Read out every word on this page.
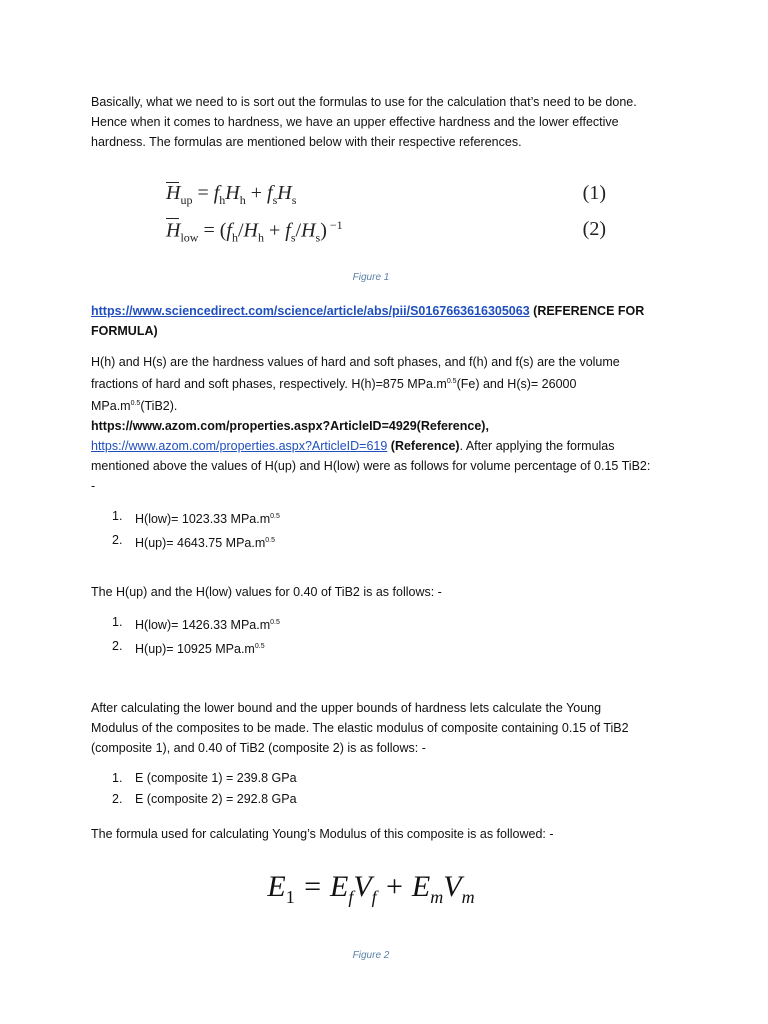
Basically, what we need to is sort out the formulas to use for the calculation that’s need to be done. Hence when it comes to hardness, we have an upper effective hardness and the lower effective hardness. The formulas are mentioned below with their respective references.

$H_{up} = f_hH_h + f_sH_s$	(1)
$H_{low} = (f_h/H_h + f_s/H_s)$ $^{-1}$	(2)
Figure 1

https://www.sciencedirect.com/science/article/abs/pii/S0167663616305063 (REFERENCE FOR FORMULA)

H(h) and H(s) are the hardness values of hard and soft phases, and f(h) and f(s) are the volume fractions of hard and soft phases, respectively. H(h)=875 $MPa.m^{0.5}(Fe)$ and H(s)= 26000 $MPa.m^{0.5}(TiB2)$.
https://www.azom.com/properties.aspx?ArticleID=4929(Reference),
https://www.azom.com/properties.aspx?ArticleID=619 (Reference). After applying the formulas mentioned above the values of H(up) and H(low) were as follows for volume percentage of 0.15 TiB2: -

1. H(low)= 1023.33 $MPa.m^{0.5}$
2. H(up)= 4643.75 $MPa.m^{0.5}$

The H(up) and the H(low) values for 0.40 of TiB2 is as follows: -

1. H(low)= 1426.33 $MPa.m^{0.5}$
2. H(up)= 10925 $MPa.m^{0.5}$

After calculating the lower bound and the upper bounds of hardness lets calculate the Young Modulus of the composites to be made. The elastic modulus of composite containing 0.15 of TiB2 (composite 1), and 0.40 of TiB2 (composite 2) is as follows: -

1. E (composite 1) = 239.8 GPa
2. E (composite 2) = 292.8 GPa

The formula used for calculating Young’s Modulus of this composite is as followed: -

$E_1 = E_fV_f + E_mV_m$
Figure 2
